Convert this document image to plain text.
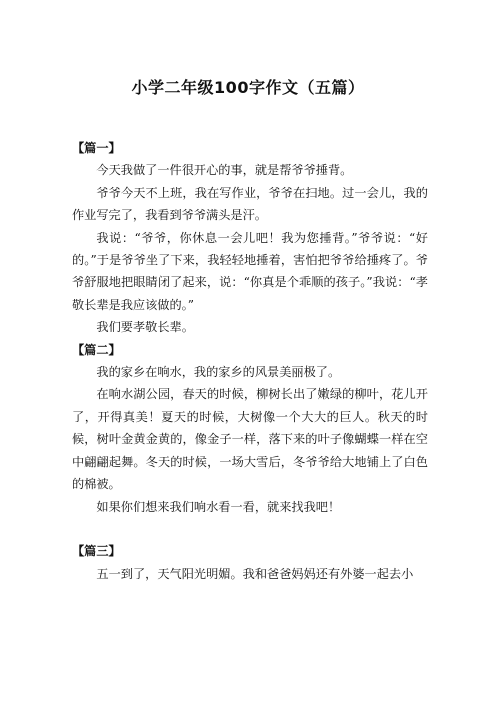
小学二年级100字作文（五篇）
【篇一】

今天我做了一件很开心的事，就是帮爷爷捶背。

爷爷今天不上班，我在写作业，爷爷在扫地。过一会儿，我的作业写完了，我看到爷爷满头是汗。

我说：“爷爷，你休息一会儿吧！我为您捶背。”爷爷说：“好的。”于是爷爷坐了下来，我轻轻地捶着，害怕把爷爷给捶疼了。爷爷舒服地把眼睛闭了起来，说：“你真是个乖顺的孩子。”我说：“孝敬长辈是我应该做的。”

我们要孝敬长辈。

【篇二】

我的家乡在响水，我的家乡的风景美丽极了。

在响水湖公园，春天的时候，柳树长出了嫩绿的柳叶，花儿开了，开得真美！夏天的时候，大树像一个大大的巨人。秋天的时候，树叶金黄金黄的，像金子一样，落下来的叶子像蝴蝶一样在空中翩翩起舞。冬天的时候，一场大雪后，冬爷爷给大地铺上了白色的棉被。

如果你们想来我们响水看一看，就来找我吧！

【篇三】

五一到了，天气阳光明媚。我和爸爸妈妈还有外婆一起去小
